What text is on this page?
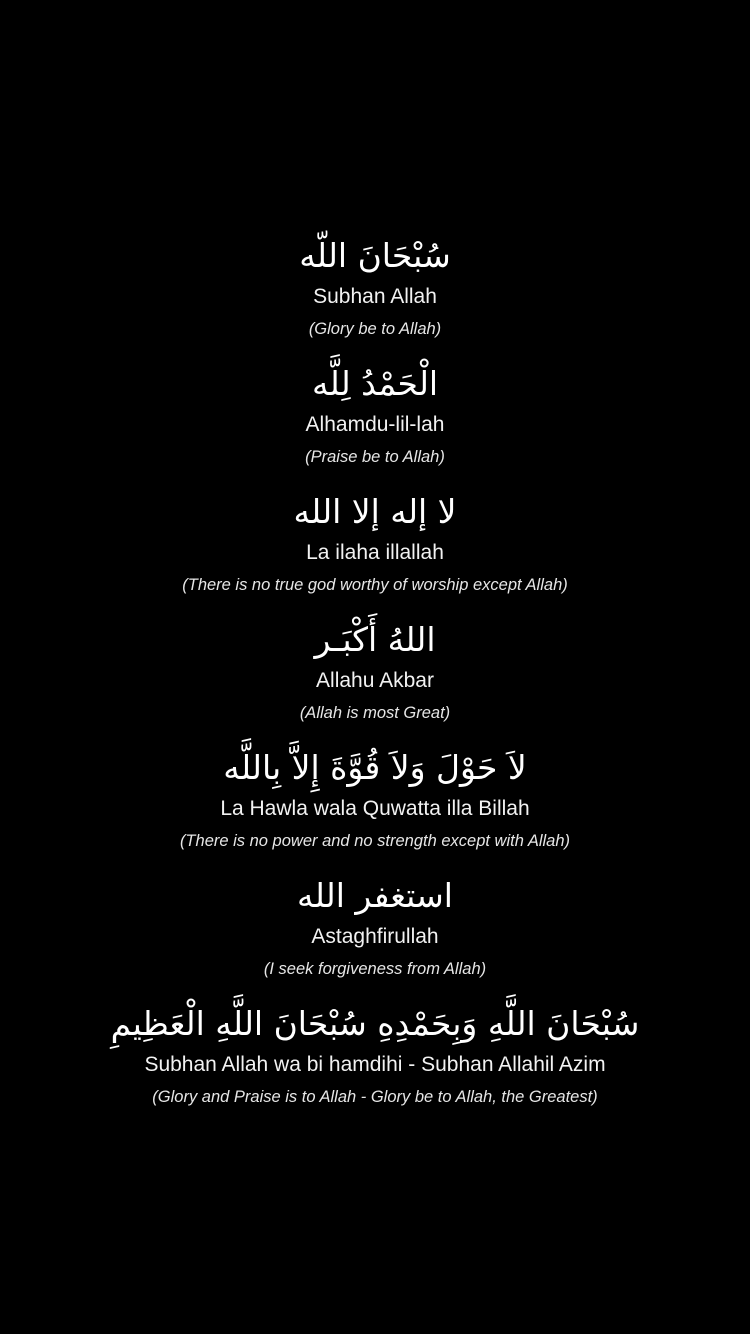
سُبْحَانَ اللّه
Subhan Allah
(Glory be to Allah)
الْحَمْدُ لِلَّه
Alhamdu-lil-lah
(Praise be to Allah)
لا إله إلا الله
La ilaha illallah
(There is no true god worthy of worship except Allah)
اللهُ أَكْبَـر
Allahu Akbar
(Allah is most Great)
لاَ حَوْلَ وَلاَ قُوَّةَ إِلاَّ بِاللَّه
La Hawla wala Quwatta illa Billah
(There is no power and no strength except with Allah)
استغفر الله
Astaghfirullah
(I seek forgiveness from Allah)
سُبْحَانَ اللَّهِ وَبِحَمْدِهِ سُبْحَانَ اللَّهِ الْعَظِيمِ
Subhan Allah wa bi hamdihi - Subhan Allahil Azim
(Glory and Praise is to Allah - Glory be to Allah, the Greatest)
